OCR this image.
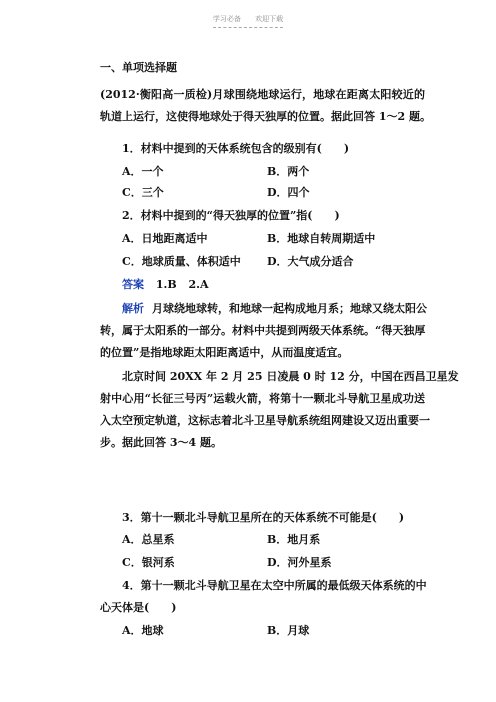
学习必备 欢迎下载
一、单项选择题
(2012·衡阳高一质检)月球围绕地球运行，地球在距离太阳较近的
轨道上运行，这使得地球处于得天独厚的位置。据此回答 1～2 题。
1．材料中提到的天体系统包含的级别有(　　)
A．一个	B．两个
C．三个	D．四个
2．材料中提到的“得天独厚的位置”指(　　)
A．日地距离适中	B．地球自转周期适中
C．地球质量、体积适中 D．大气成分适合
答案 1.B 2.A
解析 月球绕地球转，和地球一起构成地月系；地球又绕太阳公
转，属于太阳系的一部分。材料中共提到两级天体系统。“得天独厚
的位置”是指地球距太阳距离适中，从而温度适宜。
北京时间 20XX 年 2 月 25 日凌晨 0 时 12 分，中国在西昌卫星发
射中心用“长征三号丙”运载火箭，将第十一颗北斗导航卫星成功送
入太空预定轨道，这标志着北斗卫星导航系统组网建设又迈出重要一
步。据此回答 3～4 题。
3．第十一颗北斗导航卫星所在的天体系统不可能是(　　)
A．总星系	B．地月系
C．银河系	D．河外星系
4．第十一颗北斗导航卫星在太空中所属的最低级天体系统的中
心天体是(　　)
A．地球	B．月球
